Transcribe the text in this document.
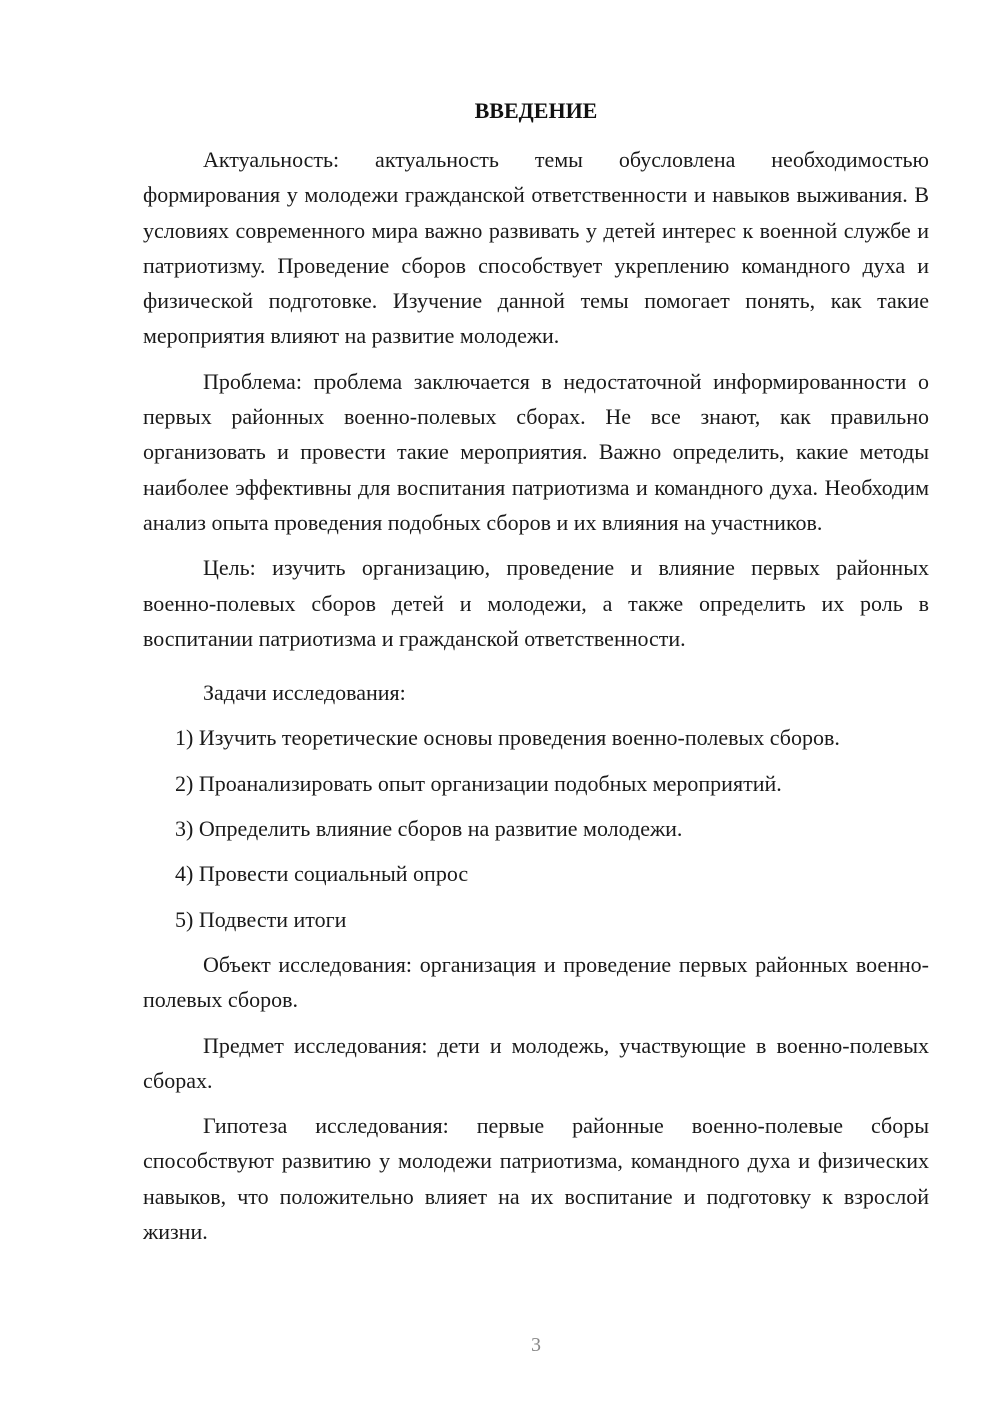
ВВЕДЕНИЕ

Актуальность: актуальность темы обусловлена необходимостью формирования у молодежи гражданской ответственности и навыков выживания. В условиях современного мира важно развивать у детей интерес к военной службе и патриотизму. Проведение сборов способствует укреплению командного духа и физической подготовке. Изучение данной темы помогает понять, как такие мероприятия влияют на развитие молодежи.

Проблема: проблема заключается в недостаточной информированности о первых районных военно-полевых сборах. Не все знают, как правильно организовать и провести такие мероприятия. Важно определить, какие методы наиболее эффективны для воспитания патриотизма и командного духа. Необходим анализ опыта проведения подобных сборов и их влияния на участников.

Цель: изучить организацию, проведение и влияние первых районных военно-полевых сборов детей и молодежи, а также определить их роль в воспитании патриотизма и гражданской ответственности.

Задачи исследования:

1) Изучить теоретические основы проведения военно-полевых сборов.
2) Проанализировать опыт организации подобных мероприятий.
3) Определить влияние сборов на развитие молодежи.
4) Провести социальный опрос
5) Подвести итоги

Объект исследования: организация и проведение первых районных военно-полевых сборов.

Предмет исследования: дети и молодежь, участвующие в военно-полевых сборах.

Гипотеза исследования: первые районные военно-полевые сборы способствуют развитию у молодежи патриотизма, командного духа и физических навыков, что положительно влияет на их воспитание и подготовку к взрослой жизни.

3
